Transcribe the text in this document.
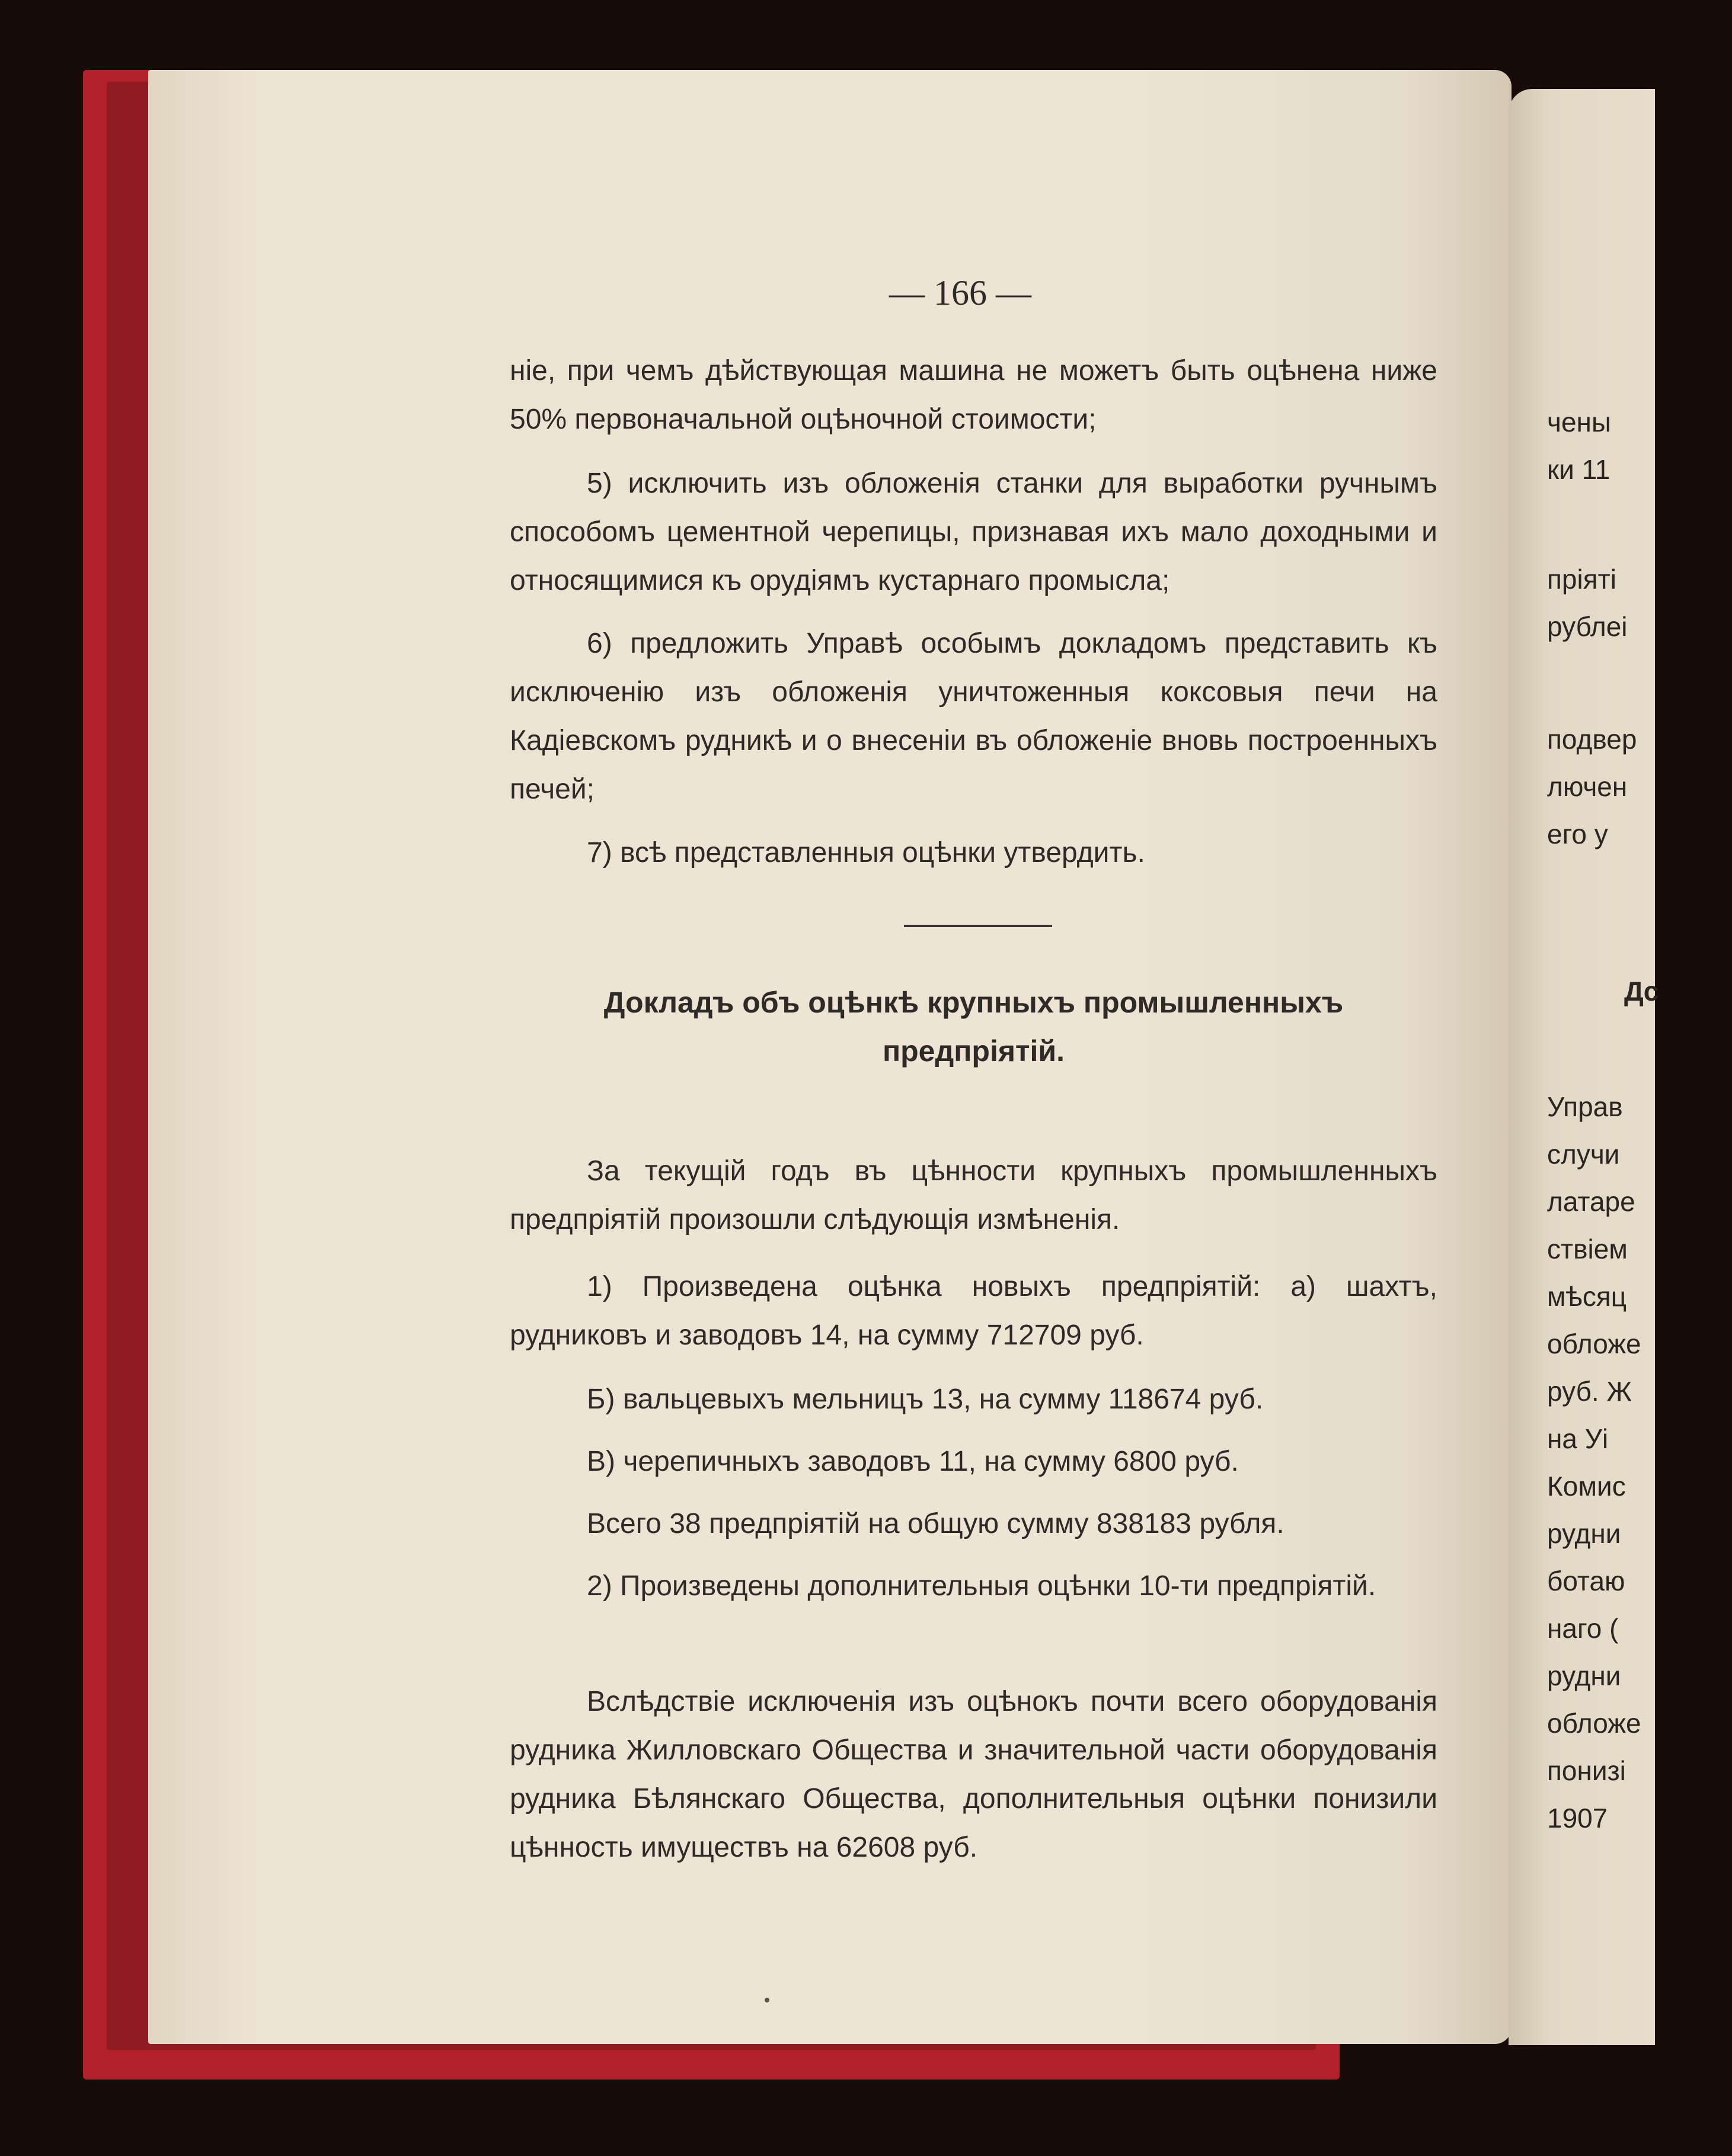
— 166 —
ніе, при чемъ дѣйствующая машина не можетъ быть оцѣнена ниже 50% первоначальной оцѣночной стоимости;
5) исключить изъ обложенія станки для выработки ручнымъ способомъ цементной черепицы, признавая ихъ мало доходными и относящимися къ орудіямъ кустарнаго промысла;
6) предложить Управѣ особымъ докладомъ представить къ исключенію изъ обложенія уничтоженныя коксовыя печи на Кадіевскомъ рудникѣ и о внесеніи въ обложеніе вновь построенныхъ печей;
7) всѣ представленныя оцѣнки утвердить.
Докладъ объ оцѣнкѣ крупныхъ промышленныхъ предпріятій.
За текущій годъ въ цѣнности крупныхъ промышленныхъ предпріятій произошли слѣдующія измѣненія.
1) Произведена оцѣнка новыхъ предпріятій: а) шахтъ, рудниковъ и заводовъ 14, на сумму 712709 руб.
Б) вальцевыхъ мельницъ 13, на сумму 118674 руб.
В) черепичныхъ заводовъ 11, на сумму 6800 руб.
Всего 38 предпріятій на общую сумму 838183 рубля.
2) Произведены дополнительныя оцѣнки 10-ти предпріятій.
Вслѣдствіе исключенія изъ оцѣнокъ почти всего оборудованія рудника Жилловскаго Общества и значительной части оборудованія рудника Бѣлянскаго Общества, дополнительныя оцѣнки понизили цѣнность имуществъ на 62608 руб.
чены
ки 11
пріяті
рублеі
подвер
лючен
его у
Дс
Управ
случи
латаре
ствіем
мѣсяц
обложе
руб. Ж
на Уі
Комис
рудни
ботаю
наго (
рудни
обложе
понизі
1907
